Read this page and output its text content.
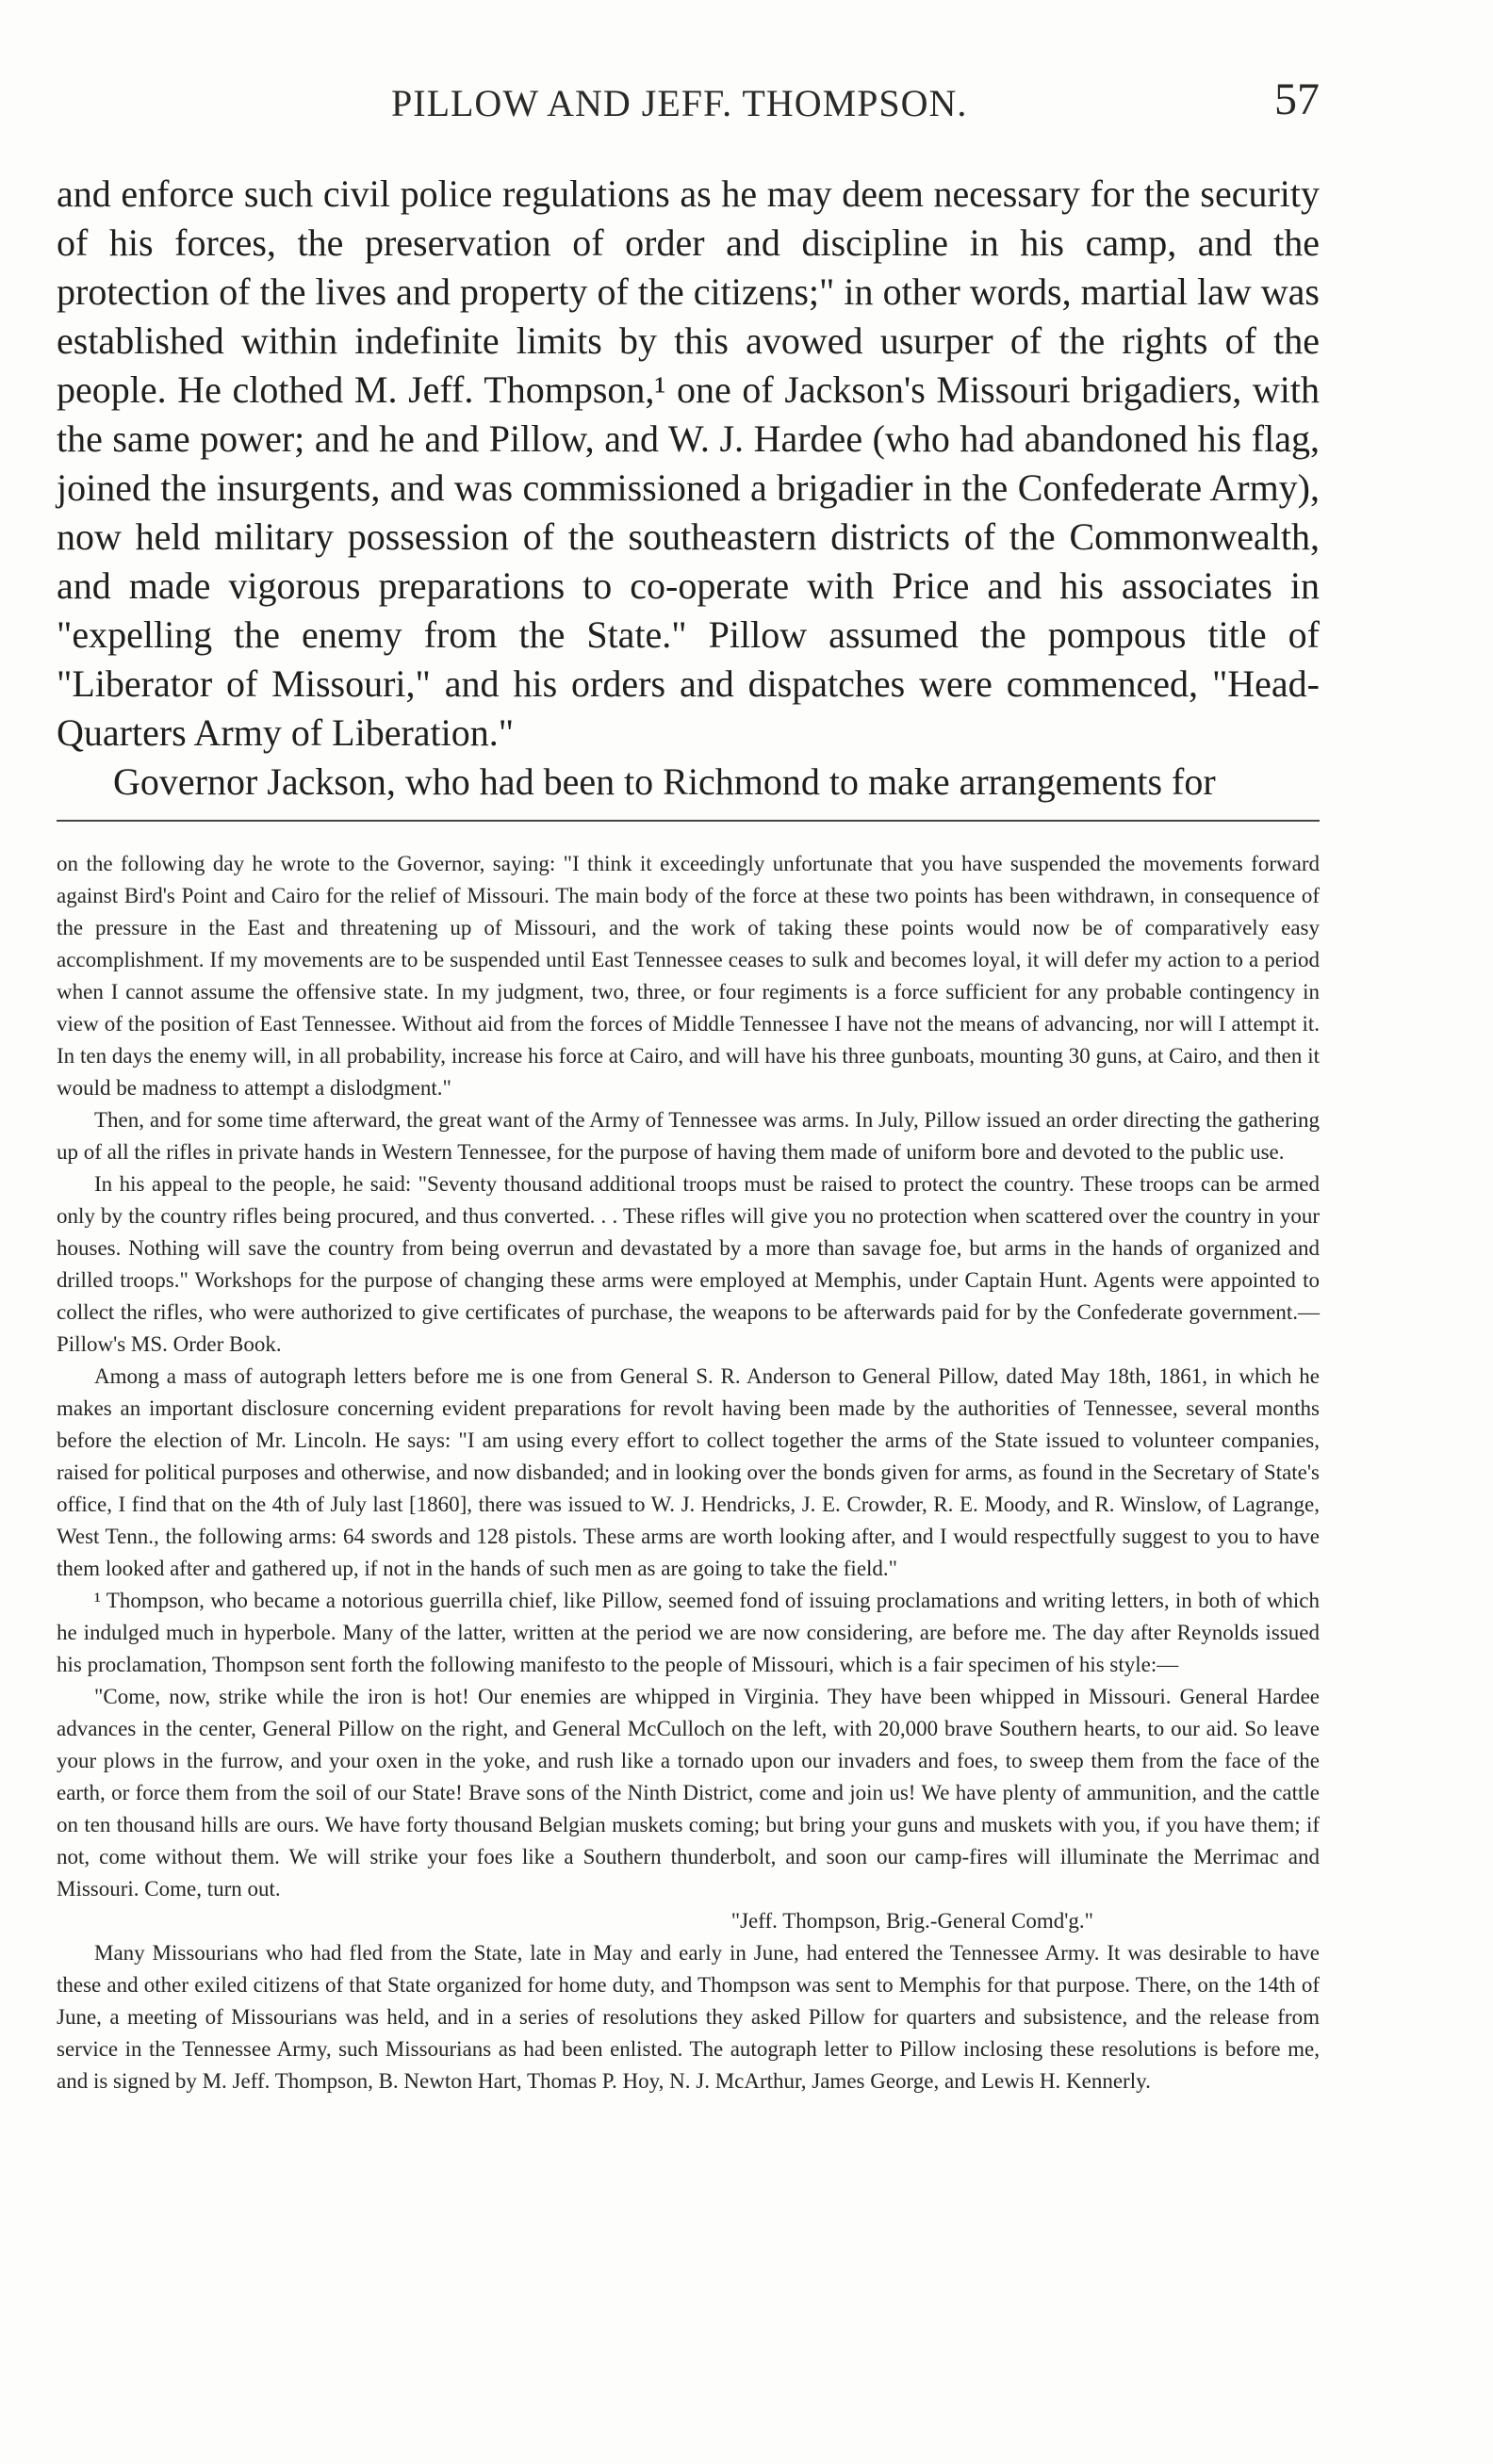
PILLOW AND JEFF. THOMPSON.	57

and enforce such civil police regulations as he may deem necessary for the security of his forces, the preservation of order and discipline in his camp, and the protection of the lives and property of the citizens;" in other words, martial law was established within indefinite limits by this avowed usurper of the rights of the people. He clothed M. Jeff. Thompson,¹ one of Jackson's Missouri brigadiers, with the same power; and he and Pillow, and W. J. Hardee (who had abandoned his flag, joined the insurgents, and was commissioned a brigadier in the Confederate Army), now held military possession of the southeastern districts of the Commonwealth, and made vigorous preparations to co-operate with Price and his associates in "expelling the enemy from the State." Pillow assumed the pompous title of "Liberator of Missouri," and his orders and dispatches were commenced, "Head-Quarters Army of Liberation."

Governor Jackson, who had been to Richmond to make arrangements for

on the following day he wrote to the Governor, saying: "I think it exceedingly unfortunate that you have suspended the movements forward against Bird's Point and Cairo for the relief of Missouri. The main body of the force at these two points has been withdrawn, in consequence of the pressure in the East and threatening up of Missouri, and the work of taking these points would now be of comparatively easy accomplishment. If my movements are to be suspended until East Tennessee ceases to sulk and becomes loyal, it will defer my action to a period when I cannot assume the offensive state. In my judgment, two, three, or four regiments is a force sufficient for any probable contingency in view of the position of East Tennessee. Without aid from the forces of Middle Tennessee I have not the means of advancing, nor will I attempt it. In ten days the enemy will, in all probability, increase his force at Cairo, and will have his three gunboats, mounting 30 guns, at Cairo, and then it would be madness to attempt a dislodgment."

Then, and for some time afterward, the great want of the Army of Tennessee was arms. In July, Pillow issued an order directing the gathering up of all the rifles in private hands in Western Tennessee, for the purpose of having them made of uniform bore and devoted to the public use.

In his appeal to the people, he said: "Seventy thousand additional troops must be raised to protect the country. These troops can be armed only by the country rifles being procured, and thus converted. . . These rifles will give you no protection when scattered over the country in your houses. Nothing will save the country from being overrun and devastated by a more than savage foe, but arms in the hands of organized and drilled troops." Workshops for the purpose of changing these arms were employed at Memphis, under Captain Hunt. Agents were appointed to collect the rifles, who were authorized to give certificates of purchase, the weapons to be afterwards paid for by the Confederate government.—Pillow's MS. Order Book.

Among a mass of autograph letters before me is one from General S. R. Anderson to General Pillow, dated May 18th, 1861, in which he makes an important disclosure concerning evident preparations for revolt having been made by the authorities of Tennessee, several months before the election of Mr. Lincoln. He says: "I am using every effort to collect together the arms of the State issued to volunteer companies, raised for political purposes and otherwise, and now disbanded; and in looking over the bonds given for arms, as found in the Secretary of State's office, I find that on the 4th of July last [1860], there was issued to W. J. Hendricks, J. E. Crowder, R. E. Moody, and R. Winslow, of Lagrange, West Tenn., the following arms: 64 swords and 128 pistols. These arms are worth looking after, and I would respectfully suggest to you to have them looked after and gathered up, if not in the hands of such men as are going to take the field."

¹ Thompson, who became a notorious guerrilla chief, like Pillow, seemed fond of issuing proclamations and writing letters, in both of which he indulged much in hyperbole. Many of the latter, written at the period we are now considering, are before me. The day after Reynolds issued his proclamation, Thompson sent forth the following manifesto to the people of Missouri, which is a fair specimen of his style:—

"Come, now, strike while the iron is hot! Our enemies are whipped in Virginia. They have been whipped in Missouri. General Hardee advances in the center, General Pillow on the right, and General McCulloch on the left, with 20,000 brave Southern hearts, to our aid. So leave your plows in the furrow, and your oxen in the yoke, and rush like a tornado upon our invaders and foes, to sweep them from the face of the earth, or force them from the soil of our State! Brave sons of the Ninth District, come and join us! We have plenty of ammunition, and the cattle on ten thousand hills are ours. We have forty thousand Belgian muskets coming; but bring your guns and muskets with you, if you have them; if not, come without them. We will strike your foes like a Southern thunderbolt, and soon our camp-fires will illuminate the Merrimac and Missouri. Come, turn out.

"Jeff. Thompson, Brig.-General Comd'g."

Many Missourians who had fled from the State, late in May and early in June, had entered the Tennessee Army. It was desirable to have these and other exiled citizens of that State organized for home duty, and Thompson was sent to Memphis for that purpose. There, on the 14th of June, a meeting of Missourians was held, and in a series of resolutions they asked Pillow for quarters and subsistence, and the release from service in the Tennessee Army, such Missourians as had been enlisted. The autograph letter to Pillow inclosing these resolutions is before me, and is signed by M. Jeff. Thompson, B. Newton Hart, Thomas P. Hoy, N. J. McArthur, James George, and Lewis H. Kennerly.
